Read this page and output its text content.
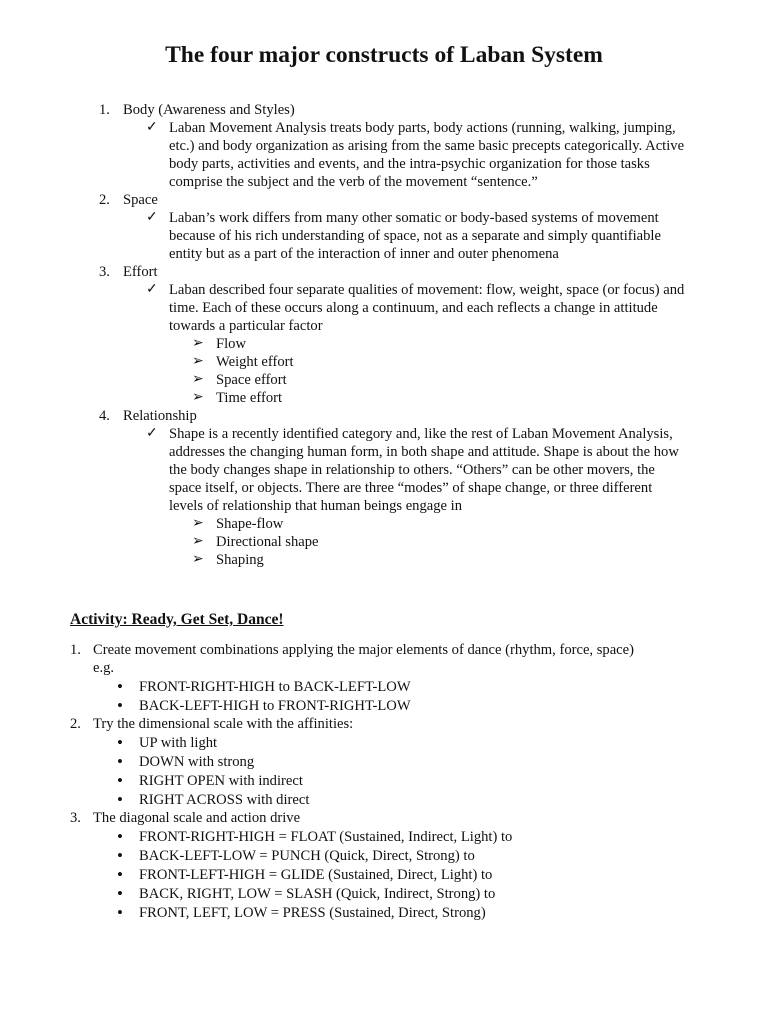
The four major constructs of Laban System
1. Body (Awareness and Styles)
✓ Laban Movement Analysis treats body parts, body actions (running, walking, jumping,
etc.) and body organization as arising from the same basic precepts categorically. Active
body parts, activities and events, and the intra-psychic organization for those tasks
comprise the subject and the verb of the movement “sentence.”
2. Space
✓ Laban’s work differs from many other somatic or body-based systems of movement
because of his rich understanding of space, not as a separate and simply quantifiable
entity but as a part of the interaction of inner and outer phenomena
3. Effort
✓ Laban described four separate qualities of movement: flow, weight, space (or focus) and
time. Each of these occurs along a continuum, and each reflects a change in attitude
towards a particular factor
➢ Flow
➢ Weight effort
➢ Space effort
➢ Time effort
4. Relationship
✓ Shape is a recently identified category and, like the rest of Laban Movement Analysis,
addresses the changing human form, in both shape and attitude. Shape is about the how
the body changes shape in relationship to others. “Others” can be other movers, the
space itself, or objects. There are three “modes” of shape change, or three different
levels of relationship that human beings engage in
➢ Shape-flow
➢ Directional shape
➢ Shaping
Activity: Ready, Get Set, Dance!
1. Create movement combinations applying the major elements of dance (rhythm, force, space)
e.g.
• FRONT-RIGHT-HIGH to BACK-LEFT-LOW
• BACK-LEFT-HIGH to FRONT-RIGHT-LOW
2. Try the dimensional scale with the affinities:
• UP with light
• DOWN with strong
• RIGHT OPEN with indirect
• RIGHT ACROSS with direct
3. The diagonal scale and action drive
• FRONT-RIGHT-HIGH = FLOAT (Sustained, Indirect, Light) to
• BACK-LEFT-LOW = PUNCH (Quick, Direct, Strong) to
• FRONT-LEFT-HIGH = GLIDE (Sustained, Direct, Light) to
• BACK, RIGHT, LOW = SLASH (Quick, Indirect, Strong) to
• FRONT, LEFT, LOW = PRESS (Sustained, Direct, Strong)
